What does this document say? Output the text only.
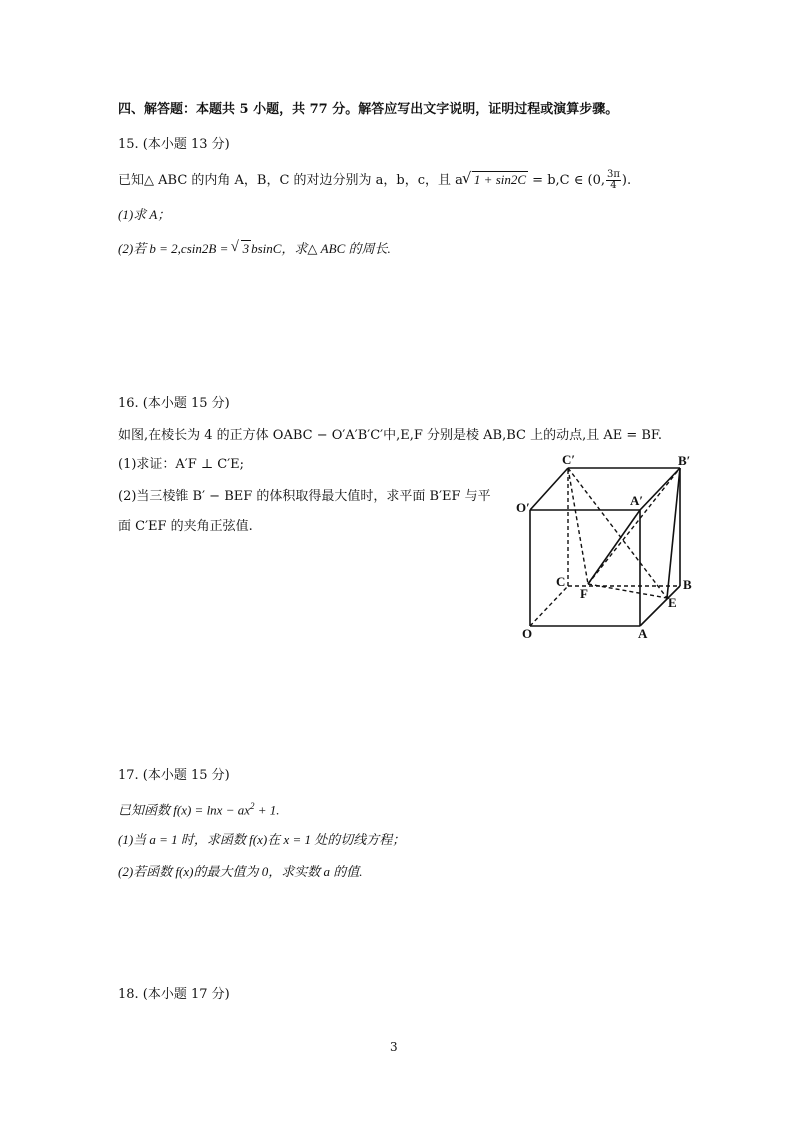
四、解答题：本题共 5 小题，共 77 分。解答应写出文字说明，证明过程或演算步骤。
15. (本小题 13 分)
已知△ ABC 的内角 A，B，C 的对边分别为 a，b，c，且 a√ 1 + sin2C = b,C ∈ (0, $\frac{3\pi}{4}$ ).
(1)求 A；
(2)若 b = 2,csin2B = √ 3 bsinC，求△ ABC 的周长.
16. (本小题 15 分)
如图,在棱长为 4 的正方体 OABC − O′A′B′C′中,E,F 分别是棱 AB,BC 上的动点,且 AE = BF.
(1)求证：A′F ⊥ C′E;
(2)当三棱锥 B′ − BEF 的体积取得最大值时，求平面 B′EF 与平
面 C′EF 的夹角正弦值.
C′	B′
O′	A′
C
F
B
E
O	A
17. (本小题 15 分)
已知函数 $f(x) = \ln x - ax^2 + 1$.
(1)当 a = 1 时，求函数 f(x)在 x = 1 处的切线方程；
(2)若函数 f(x)的最大值为 0，求实数 a 的值.
18. (本小题 17 分)
3
